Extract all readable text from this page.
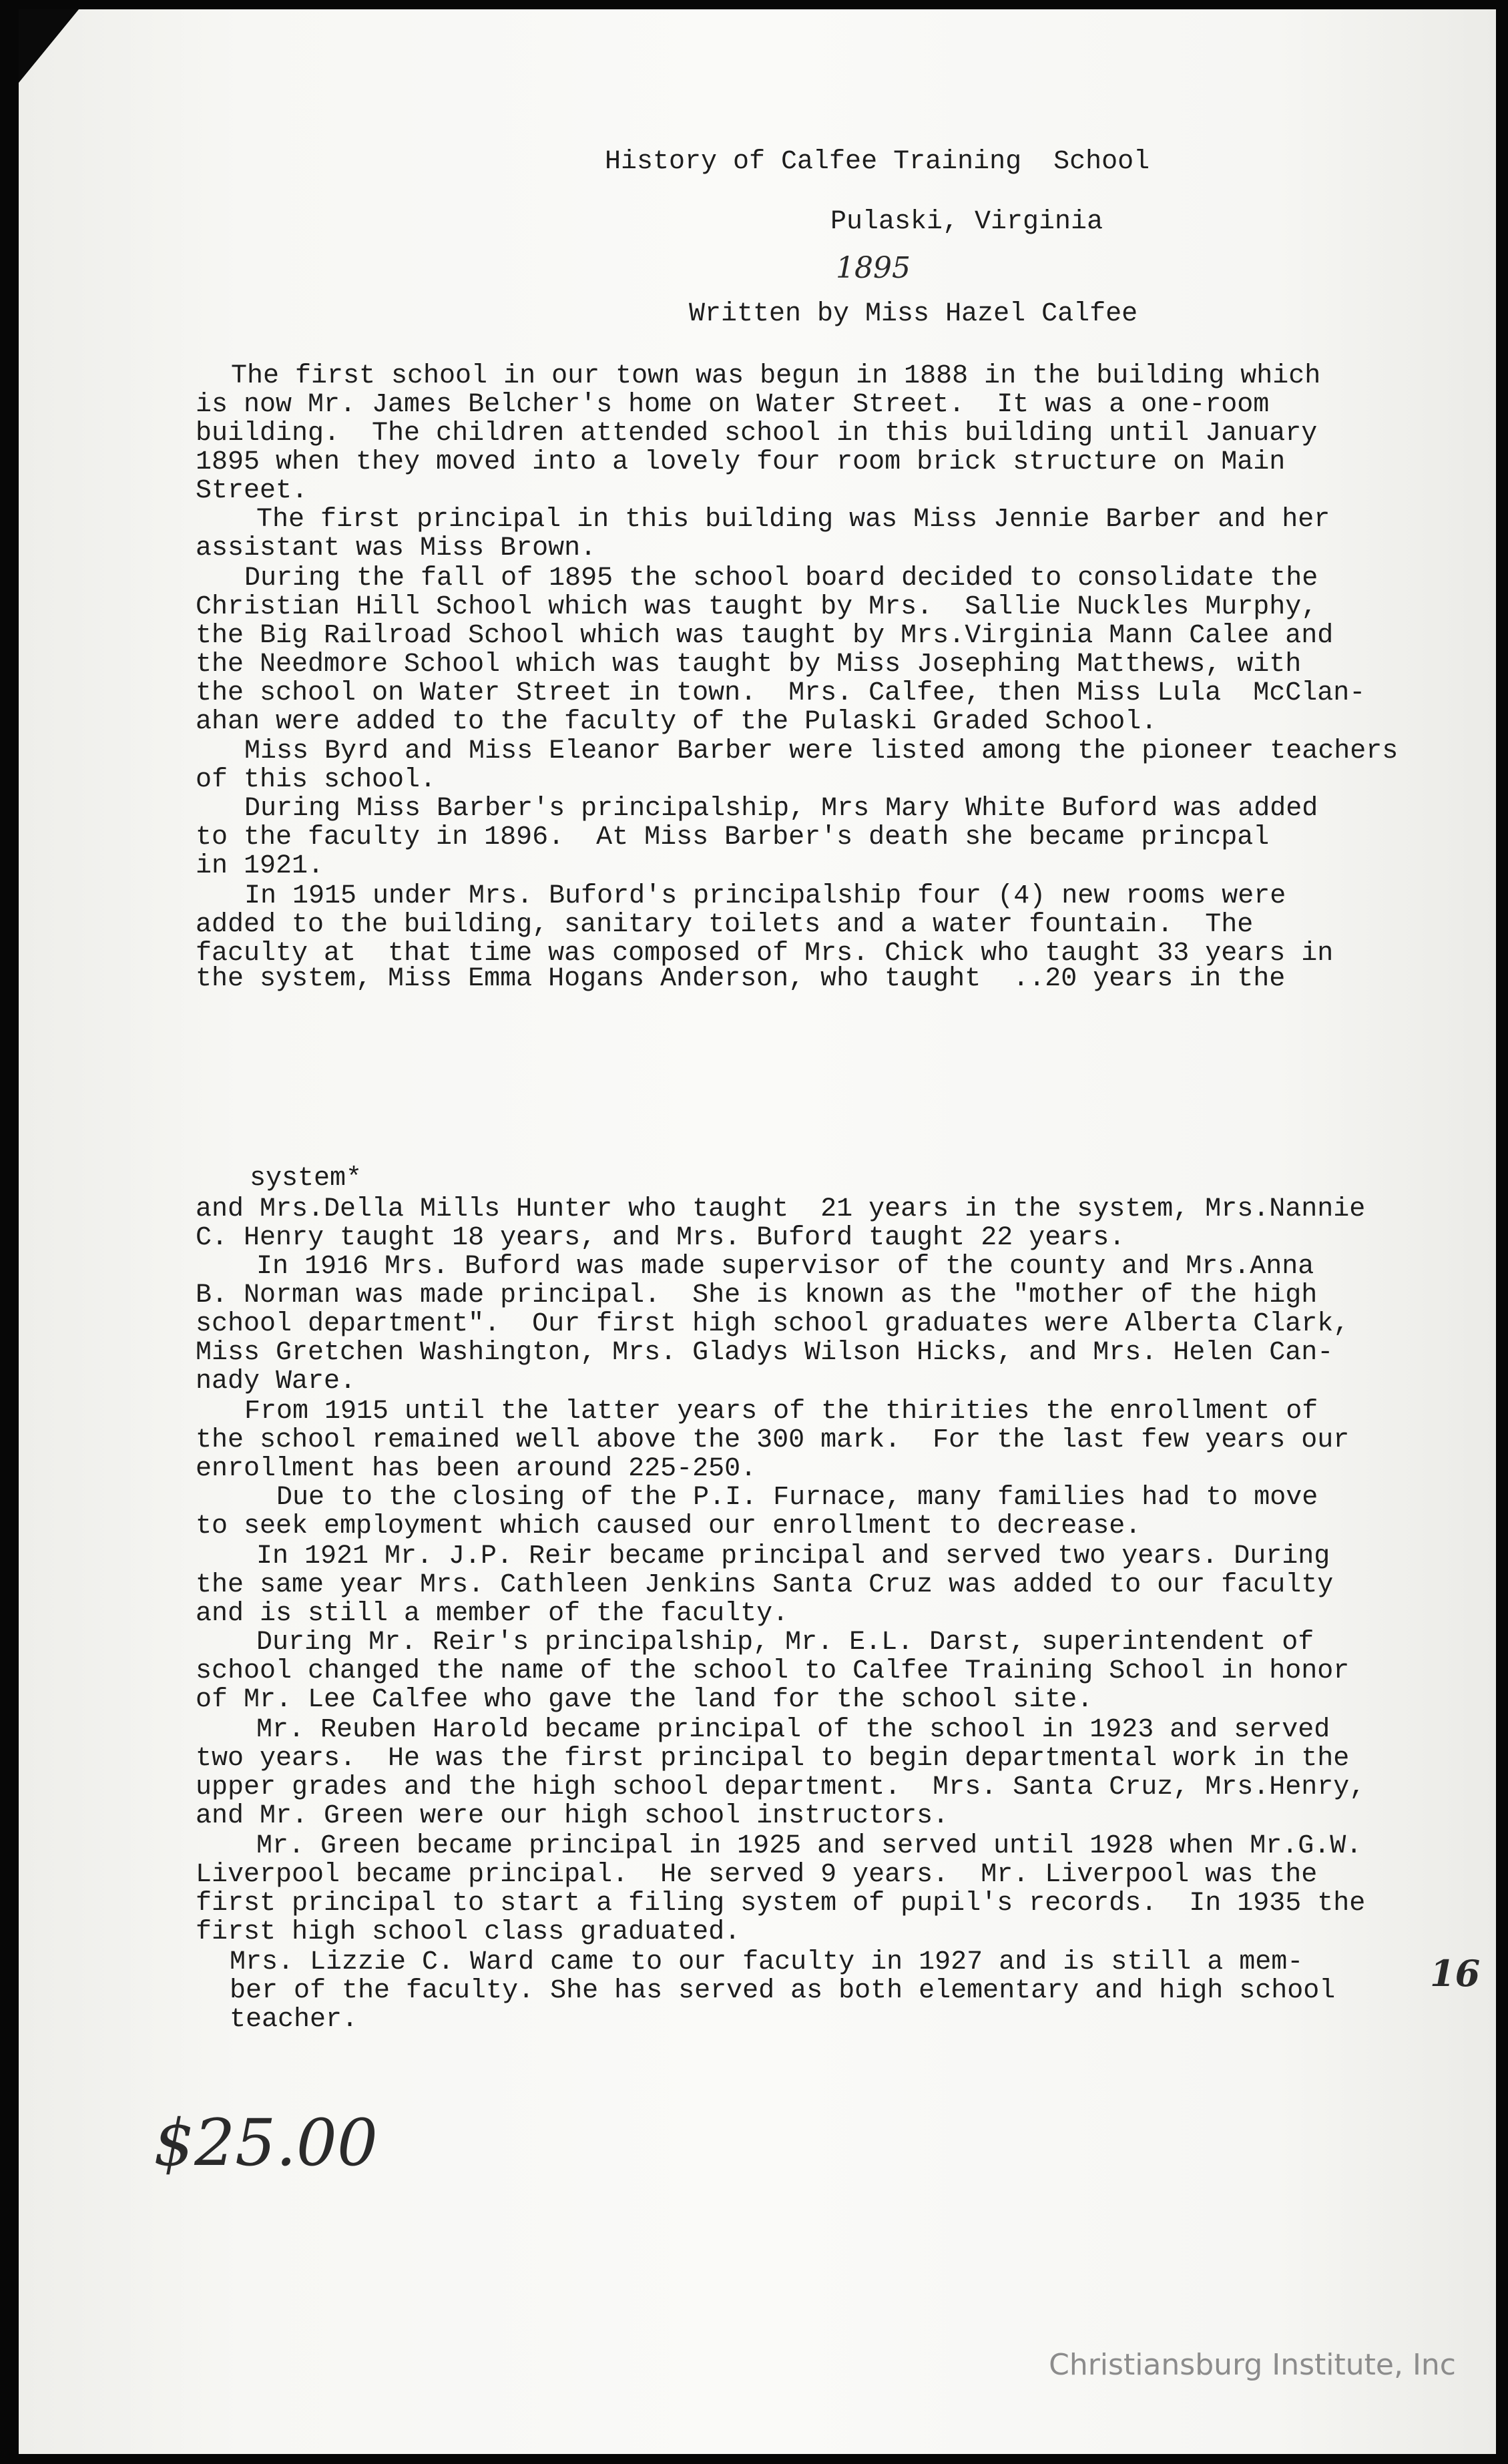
History of Calfee Training  School
Pulaski, Virginia
1895
Written by Miss Hazel Calfee
The first school in our town was begun in 1888 in the building which
is now Mr. James Belcher's home on Water Street.  It was a one-room
building.  The children attended school in this building until January
1895 when they moved into a lovely four room brick structure on Main
Street.
The first principal in this building was Miss Jennie Barber and her
assistant was Miss Brown.
During the fall of 1895 the school board decided to consolidate the
Christian Hill School which was taught by Mrs.  Sallie Nuckles Murphy,
the Big Railroad School which was taught by Mrs.Virginia Mann Calee and
the Needmore School which was taught by Miss Josephing Matthews, with
the school on Water Street in town.  Mrs. Calfee, then Miss Lula  McClan-
ahan were added to the faculty of the Pulaski Graded School.
Miss Byrd and Miss Eleanor Barber were listed among the pioneer teachers
of this school.
During Miss Barber's principalship, Mrs Mary White Buford was added
to the faculty in 1896.  At Miss Barber's death she became princpal
in 1921.
In 1915 under Mrs. Buford's principalship four (4) new rooms were
added to the building, sanitary toilets and a water fountain.  The
faculty at  that time was composed of Mrs. Chick who taught 33 years in
the system, Miss Emma Hogans Anderson, who taught  ..20 years in the
system*
and Mrs.Della Mills Hunter who taught  21 years in the system, Mrs.Nannie
C. Henry taught 18 years, and Mrs. Buford taught 22 years.
In 1916 Mrs. Buford was made supervisor of the county and Mrs.Anna
B. Norman was made principal.  She is known as the "mother of the high
school department".  Our first high school graduates were Alberta Clark,
Miss Gretchen Washington, Mrs. Gladys Wilson Hicks, and Mrs. Helen Can-
nady Ware.
From 1915 until the latter years of the thirities the enrollment of
the school remained well above the 300 mark.  For the last few years our
enrollment has been around 225-250.
Due to the closing of the P.I. Furnace, many families had to move
to seek employment which caused our enrollment to decrease.
In 1921 Mr. J.P. Reir became principal and served two years. During
the same year Mrs. Cathleen Jenkins Santa Cruz was added to our faculty
and is still a member of the faculty.
During Mr. Reir's principalship, Mr. E.L. Darst, superintendent of
school changed the name of the school to Calfee Training School in honor
of Mr. Lee Calfee who gave the land for the school site.
Mr. Reuben Harold became principal of the school in 1923 and served
two years.  He was the first principal to begin departmental work in the
upper grades and the high school department.  Mrs. Santa Cruz, Mrs.Henry,
and Mr. Green were our high school instructors.
Mr. Green became principal in 1925 and served until 1928 when Mr.G.W.
Liverpool became principal.  He served 9 years.  Mr. Liverpool was the
first principal to start a filing system of pupil's records.  In 1935 the
first high school class graduated.
Mrs. Lizzie C. Ward came to our faculty in 1927 and is still a mem-
ber of the faculty. She has served as both elementary and high school
teacher.
16
$25.00
Christiansburg Institute, Inc
